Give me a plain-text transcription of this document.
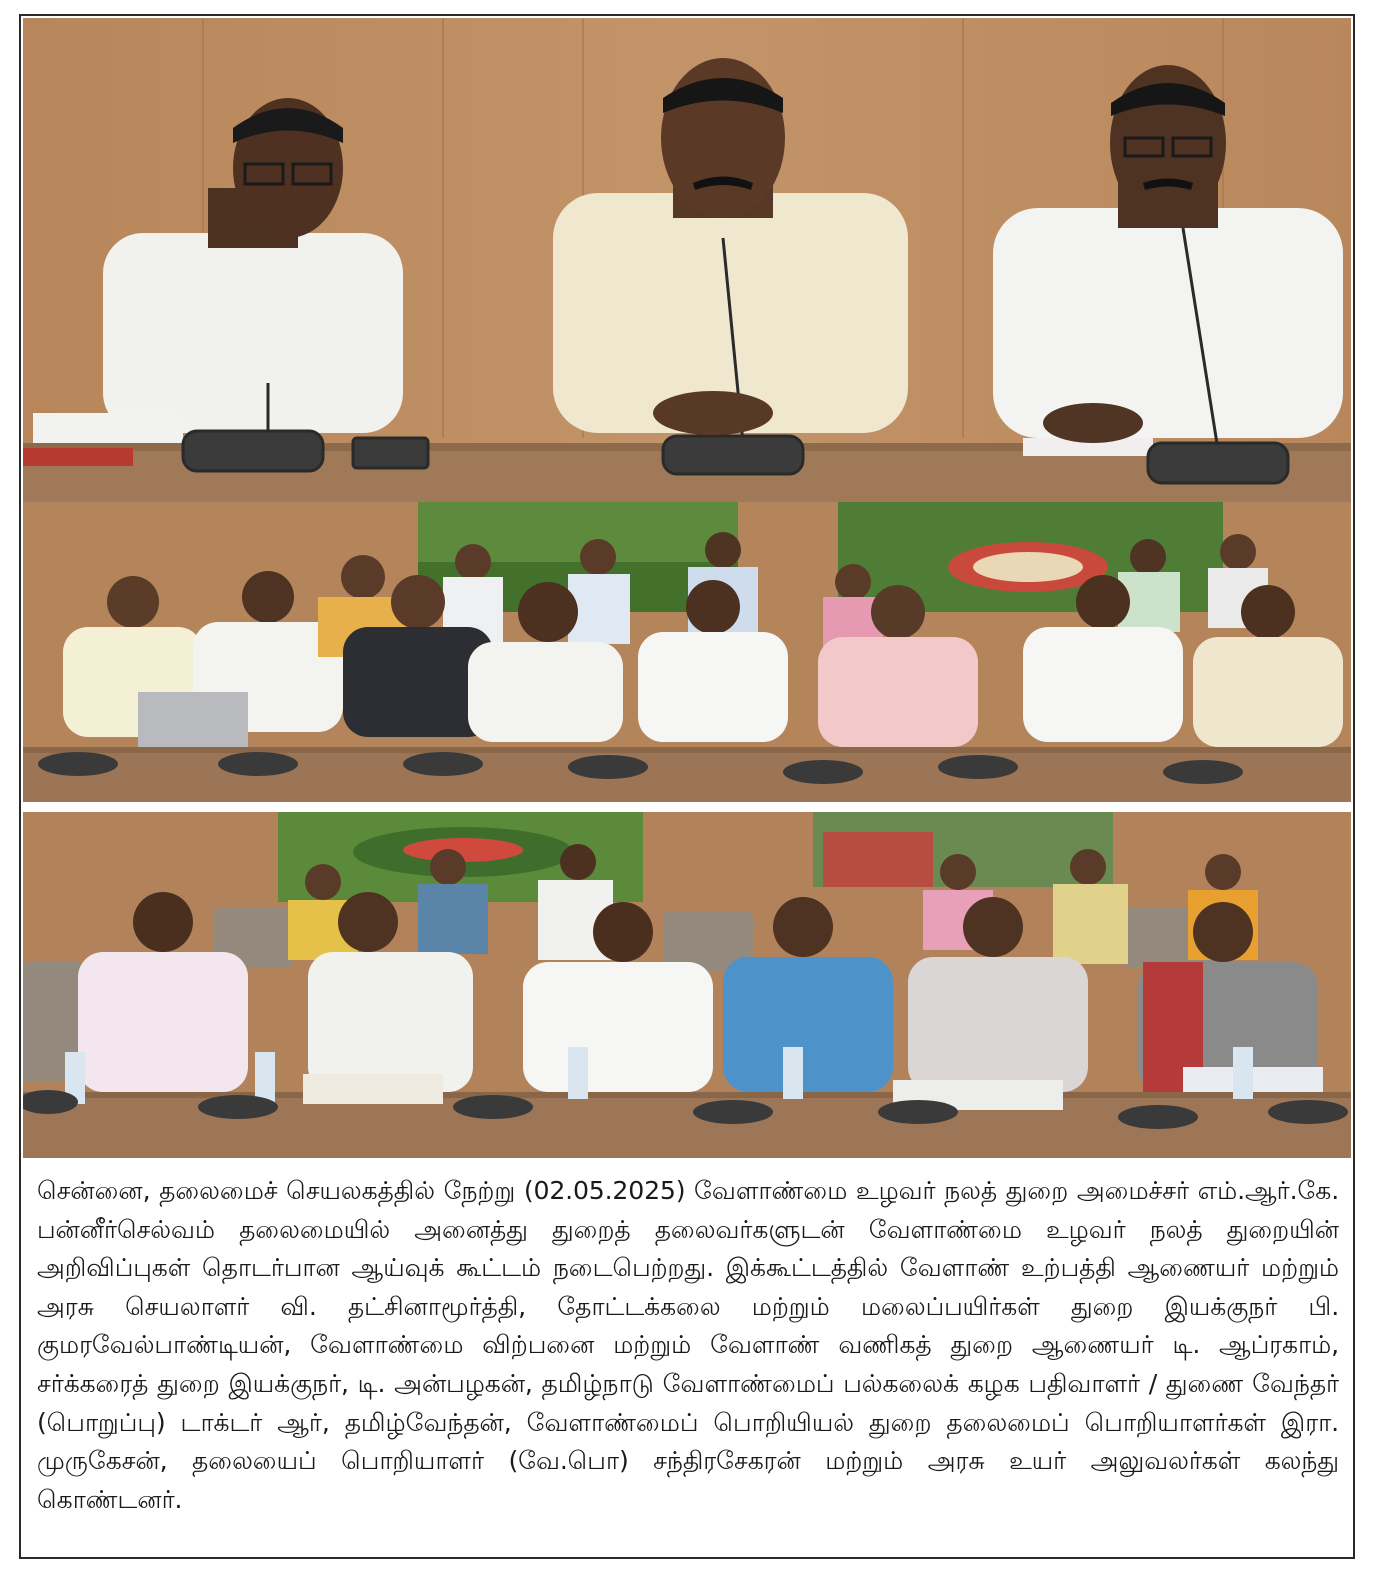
சென்னை, தலைமைச் செயலகத்தில் நேற்று (02.05.2025) வேளாண்மை உழவர் நலத் துறை அமைச்சர் எம்.ஆர்.கே. பன்னீர்செல்வம் தலைமையில் அனைத்து துறைத் தலைவர்களுடன் வேளாண்மை உழவர் நலத் துறையின் அறிவிப்புகள் தொடர்பான ஆய்வுக் கூட்டம் நடைபெற்றது. இக்கூட்டத்தில் வேளாண் உற்பத்தி ஆணையர் மற்றும் அரசு செயலாளர் வி. தட்சினாமூர்த்தி, தோட்டக்கலை மற்றும் மலைப்பயிர்கள் துறை இயக்குநர் பி. குமரவேல்பாண்டியன், வேளாண்மை விற்பனை மற்றும் வேளாண் வணிகத் துறை ஆணையர் டி. ஆப்ரகாம், சர்க்கரைத் துறை இயக்குநர், டி. அன்பழகன், தமிழ்நாடு வேளாண்மைப் பல்கலைக் கழக பதிவாளர் / துணை வேந்தர் (பொறுப்பு) டாக்டர் ஆர், தமிழ்வேந்தன், வேளாண்மைப் பொறியியல் துறை தலைமைப் பொறியாளர்கள் இரா. முருகேசன், தலையைப் பொறியாளர் (வே.பொ) சந்திரசேகரன் மற்றும் அரசு உயர் அலுவலர்கள் கலந்து கொண்டனர்.
